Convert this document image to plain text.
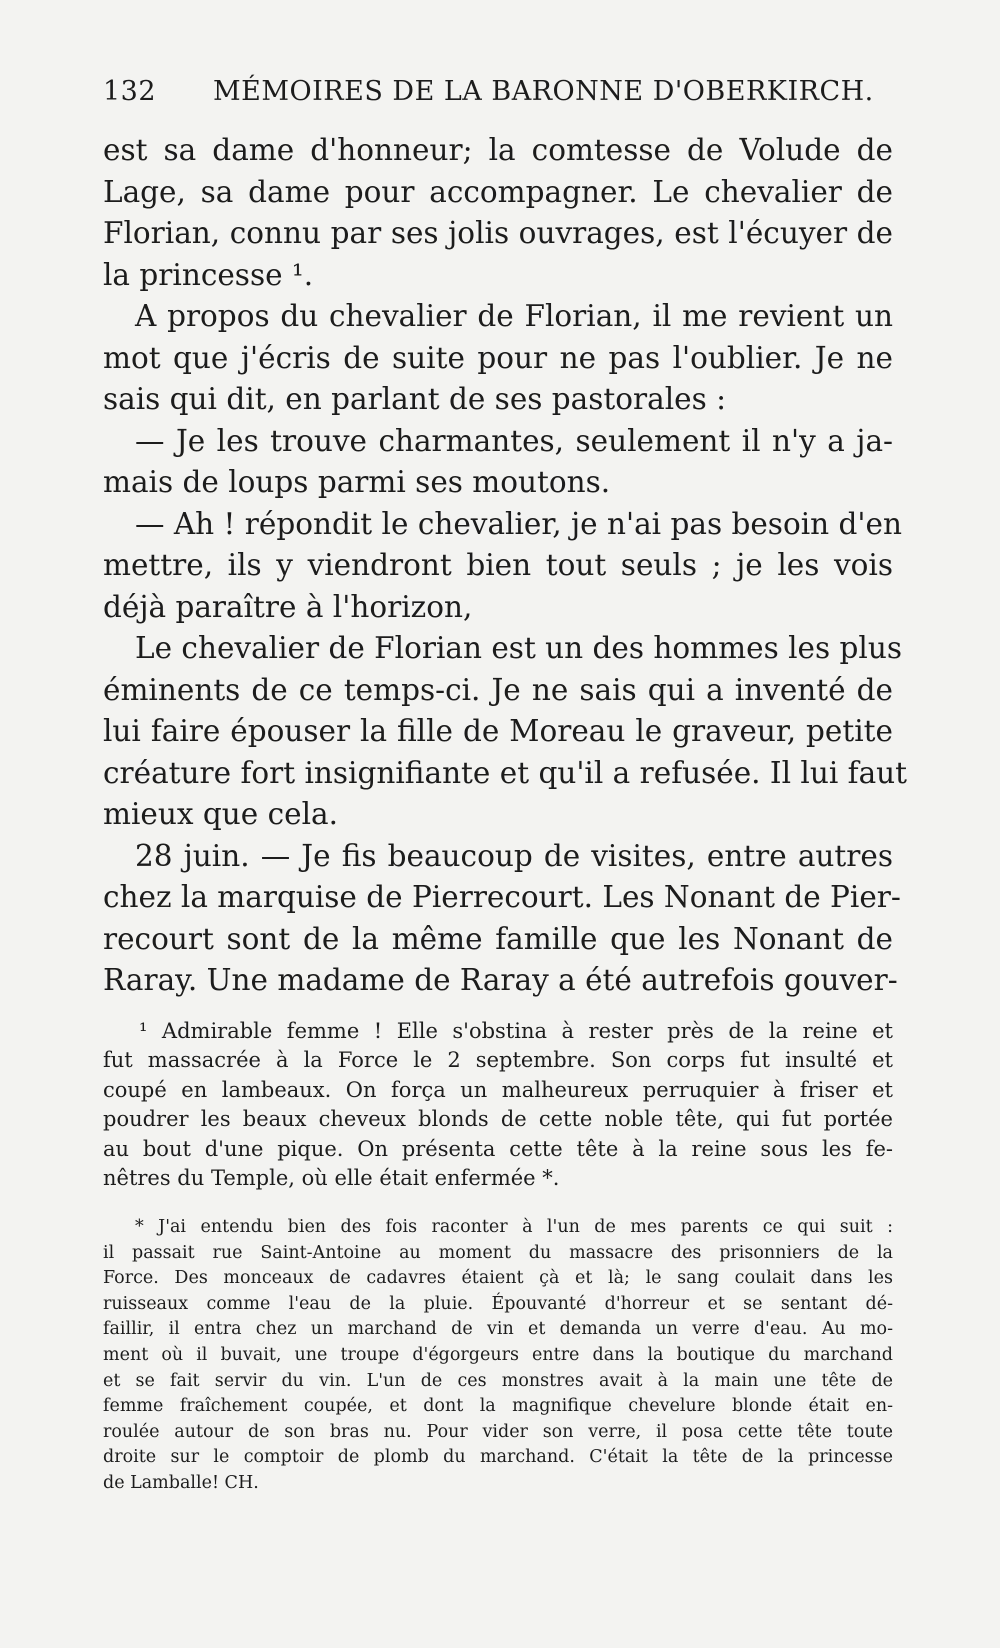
132 MÉMOIRES DE LA BARONNE D'OBERKIRCH.
est sa dame d'honneur; la comtesse de Volude de
Lage, sa dame pour accompagner. Le chevalier de
Florian, connu par ses jolis ouvrages, est l'écuyer de
la princesse ¹.
A propos du chevalier de Florian, il me revient un
mot que j'écris de suite pour ne pas l'oublier. Je ne
sais qui dit, en parlant de ses pastorales :
— Je les trouve charmantes, seulement il n'y a ja-
mais de loups parmi ses moutons.
— Ah ! répondit le chevalier, je n'ai pas besoin d'en
mettre, ils y viendront bien tout seuls ; je les vois
déjà paraître à l'horizon,
Le chevalier de Florian est un des hommes les plus
éminents de ce temps-ci. Je ne sais qui a inventé de
lui faire épouser la fille de Moreau le graveur, petite
créature fort insignifiante et qu'il a refusée. Il lui faut
mieux que cela.
28 juin. — Je fis beaucoup de visites, entre autres
chez la marquise de Pierrecourt. Les Nonant de Pier-
recourt sont de la même famille que les Nonant de
Raray. Une madame de Raray a été autrefois gouver-
¹ Admirable femme ! Elle s'obstina à rester près de la reine et
fut massacrée à la Force le 2 septembre. Son corps fut insulté et
coupé en lambeaux. On força un malheureux perruquier à friser et
poudrer les beaux cheveux blonds de cette noble tête, qui fut portée
au bout d'une pique. On présenta cette tête à la reine sous les fe-
nêtres du Temple, où elle était enfermée *.
* J'ai entendu bien des fois raconter à l'un de mes parents ce qui suit :
il passait rue Saint-Antoine au moment du massacre des prisonniers de la
Force. Des monceaux de cadavres étaient çà et là; le sang coulait dans les
ruisseaux comme l'eau de la pluie. Épouvanté d'horreur et se sentant dé-
faillir, il entra chez un marchand de vin et demanda un verre d'eau. Au mo-
ment où il buvait, une troupe d'égorgeurs entre dans la boutique du marchand
et se fait servir du vin. L'un de ces monstres avait à la main une tête de
femme fraîchement coupée, et dont la magnifique chevelure blonde était en-
roulée autour de son bras nu. Pour vider son verre, il posa cette tête toute
droite sur le comptoir de plomb du marchand. C'était la tête de la princesse
de Lamballe! CH.
